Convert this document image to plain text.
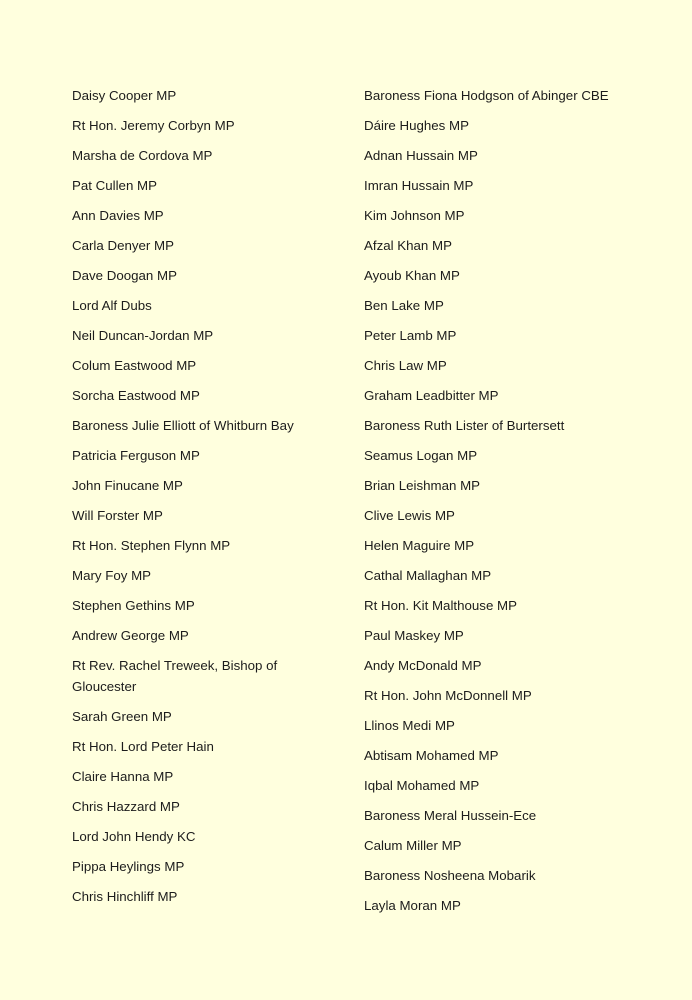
Daisy Cooper MP
Rt Hon. Jeremy Corbyn MP
Marsha de Cordova MP
Pat Cullen MP
Ann Davies MP
Carla Denyer MP
Dave Doogan MP
Lord Alf Dubs
Neil Duncan-Jordan MP
Colum Eastwood MP
Sorcha Eastwood MP
Baroness Julie Elliott of Whitburn Bay
Patricia Ferguson MP
John Finucane MP
Will Forster MP
Rt Hon. Stephen Flynn MP
Mary Foy MP
Stephen Gethins MP
Andrew George MP
Rt Rev. Rachel Treweek, Bishop of Gloucester
Sarah Green MP
Rt Hon. Lord Peter Hain
Claire Hanna MP
Chris Hazzard MP
Lord John Hendy KC
Pippa Heylings MP
Chris Hinchliff MP
Baroness Fiona Hodgson of Abinger CBE
Dáire Hughes MP
Adnan Hussain MP
Imran Hussain MP
Kim Johnson MP
Afzal Khan MP
Ayoub Khan MP
Ben Lake MP
Peter Lamb MP
Chris Law MP
Graham Leadbitter MP
Baroness Ruth Lister of Burtersett
Seamus Logan MP
Brian Leishman MP
Clive Lewis MP
Helen Maguire MP
Cathal Mallaghan MP
Rt Hon. Kit Malthouse MP
Paul Maskey MP
Andy McDonald MP
Rt Hon. John McDonnell MP
Llinos Medi MP
Abtisam Mohamed MP
Iqbal Mohamed MP
Baroness Meral Hussein-Ece
Calum Miller MP
Baroness Nosheena Mobarik
Layla Moran MP
